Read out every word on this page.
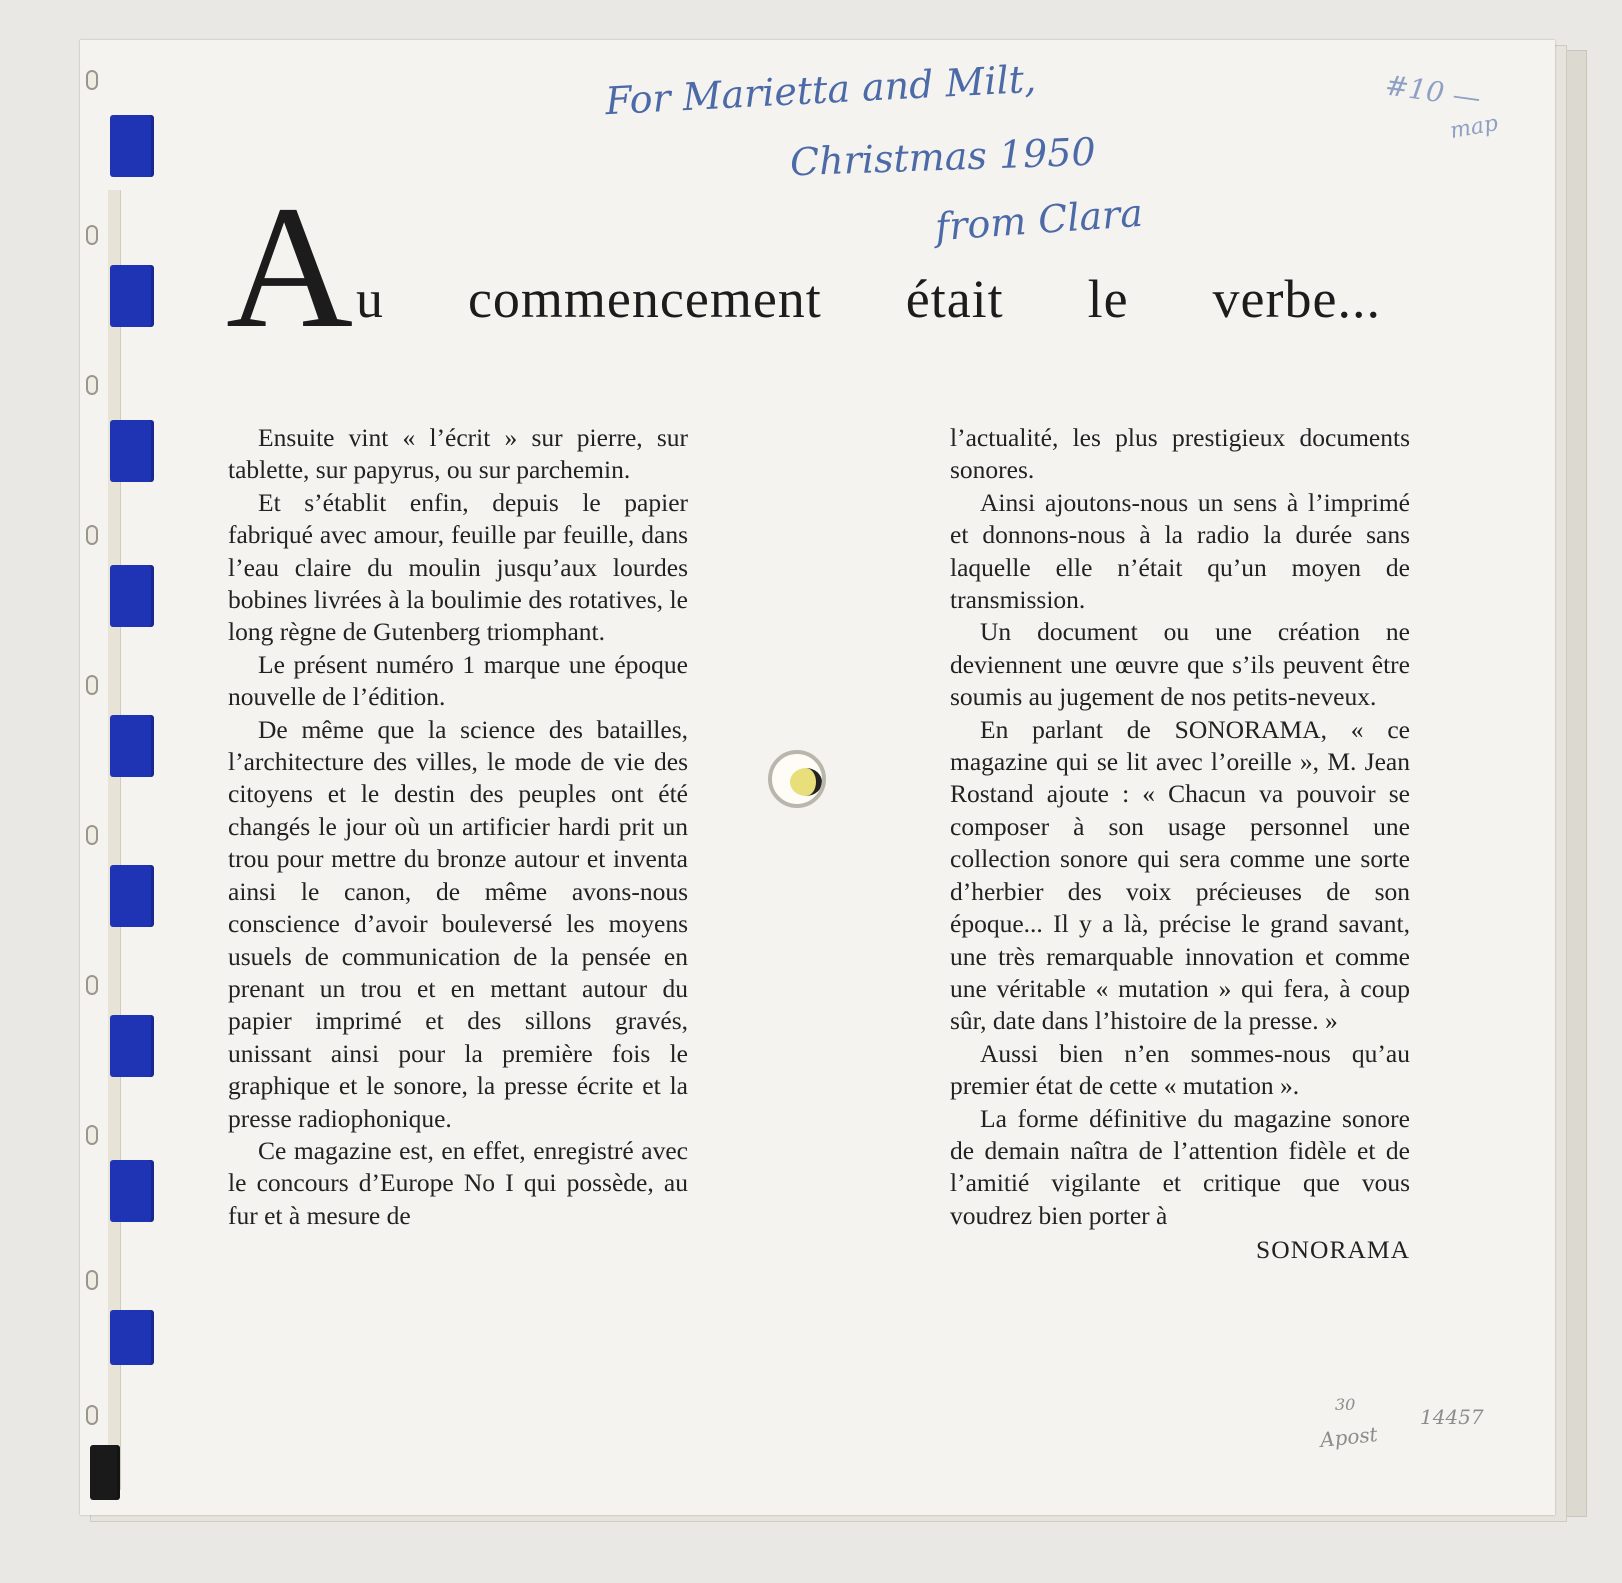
For Marietta and Milt,
Christmas 1950
from Clara
#10 —
map
A u commencement était le verbe...

Ensuite vint « l’écrit » sur pierre, sur tablette, sur papyrus, ou sur parchemin.

Et s’établit enfin, depuis le papier fabriqué avec amour, feuille par feuille, dans l’eau claire du moulin jusqu’aux lourdes bobines livrées à la boulimie des rotatives, le long règne de Gutenberg triomphant.

Le présent numéro 1 marque une époque nouvelle de l’édition.

De même que la science des batailles, l’architecture des villes, le mode de vie des citoyens et le destin des peuples ont été changés le jour où un artificier hardi prit un trou pour mettre du bronze autour et inventa ainsi le canon, de même avons-nous conscience d’avoir bouleversé les moyens usuels de communication de la pensée en prenant un trou et en mettant autour du papier imprimé et des sillons gravés, unissant ainsi pour la première fois le graphique et le sonore, la presse écrite et la presse radiophonique.

Ce magazine est, en effet, enregistré avec le concours d’Europe No I qui possède, au fur et à mesure de

l’actualité, les plus prestigieux documents sonores.

Ainsi ajoutons-nous un sens à l’imprimé et donnons-nous à la radio la durée sans laquelle elle n’était qu’un moyen de transmission.

Un document ou une création ne deviennent une œuvre que s’ils peuvent être soumis au jugement de nos petits-neveux.

En parlant de SONORAMA, « ce magazine qui se lit avec l’oreille », M. Jean Rostand ajoute : « Chacun va pouvoir se composer à son usage personnel une collection sonore qui sera comme une sorte d’herbier des voix précieuses de son époque... Il y a là, précise le grand savant, une très remarquable innovation et comme une véritable « mutation » qui fera, à coup sûr, date dans l’histoire de la presse. »

Aussi bien n’en sommes-nous qu’au premier état de cette « mutation ».

La forme définitive du magazine sonore de demain naîtra de l’attention fidèle et de l’amitié vigilante et critique que vous voudrez bien porter à

SONORAMA

30
Apost
14457
